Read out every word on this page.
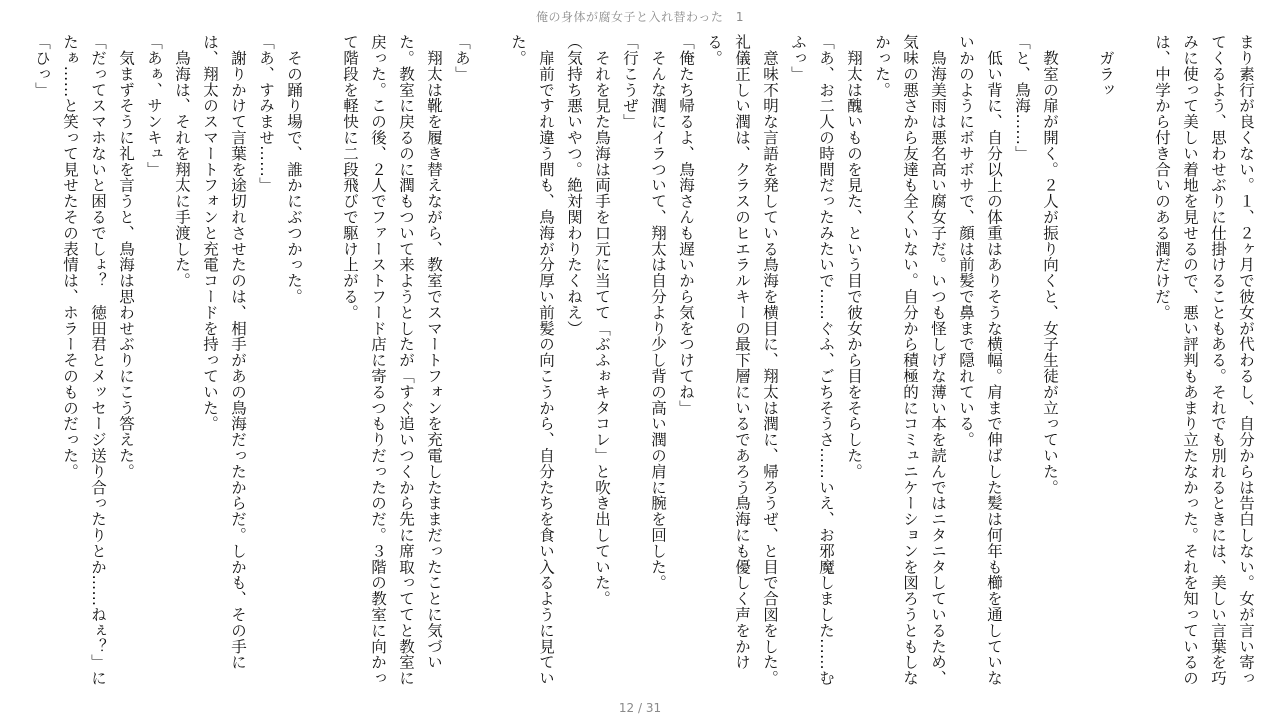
俺の身体が腐女子と入れ替わった　1

まり素行が良くない。１、２ヶ月で彼女が代わるし、自分からは告白しない。女が言い寄ってくるよう、思わせぶりに仕掛けることもある。それでも別れるときには、美しい言葉を巧みに使って美しい着地を見せるので、悪い評判もあまり立たなかった。それを知っているのは、中学から付き合いのある潤だけだ。

　ガラッ

　教室の扉が開く。２人が振り向くと、女子生徒が立っていた。

「と、鳥海……」

　低い背に、自分以上の体重はありそうな横幅。肩まで伸ばした髪は何年も櫛を通していないかのようにボサボサで、顔は前髪で鼻まで隠れている。

　鳥海美雨は悪名高い腐女子だ。いつも怪しげな薄い本を読んではニタニタしているため、気味の悪さから友達も全くいない。自分から積極的にコミュニケーションを図ろうともしなかった。

　翔太は醜いものを見た、という目で彼女から目をそらした。

「あ、お二人の時間だったみたいで……ぐふ、ごちそうさ……いえ、お邪魔しました……むふっ」

　意味不明な言語を発している鳥海を横目に、翔太は潤に、帰ろうぜ、と目で合図をした。礼儀正しい潤は、クラスのヒエラルキーの最下層にいるであろう鳥海にも優しく声をかける。

「俺たち帰るよ、鳥海さんも遅いから気をつけてね」

　そんな潤にイラついて、翔太は自分より少し背の高い潤の肩に腕を回した。

「行こうぜ」

　それを見た鳥海は両手を口元に当てて「ぶふぉキタコレ」と吹き出していた。

（気持ち悪いやつ。絶対関わりたくねえ）

　扉前ですれ違う間も、鳥海が分厚い前髪の向こうから、自分たちを食い入るように見ていた。

「あ」

　翔太は靴を履き替えながら、教室でスマートフォンを充電したままだったことに気づいた。教室に戻るのに潤もついて来ようとしたが「すぐ追いつくから先に席取っててと教室に戻った。この後、２人でファーストフード店に寄るつもりだったのだ。３階の教室に向かって階段を軽快に二段飛びで駆け上がる。

　その踊り場で、誰かにぶつかった。

「あ、すみませ……」

　謝りかけて言葉を途切れさせたのは、相手があの鳥海だったからだ。しかも、その手には、翔太のスマートフォンと充電コードを持っていた。

　鳥海は、それを翔太に手渡した。

「あぁ、サンキュ」

　気まずそうに礼を言うと、鳥海は思わせぶりにこう答えた。

「だってスマホないと困るでしょ？　徳田君とメッセージ送り合ったりとか……ねぇ？」にたぁ……と笑って見せたその表情は、ホラーそのものだった。

「ひっ」

12 / 31
